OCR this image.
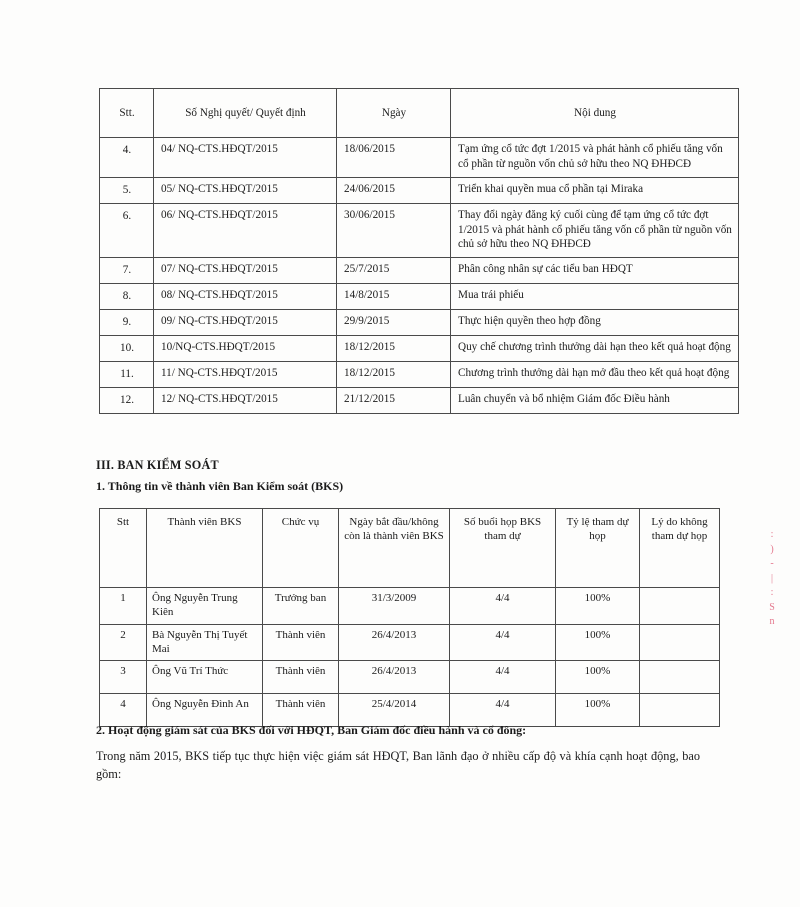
Stt.	Số Nghị quyết/ Quyết định	Ngày	Nội dung
4.	04/ NQ-CTS.HĐQT/2015	18/06/2015	Tạm ứng cổ tức đợt 1/2015 và phát hành cổ phiếu tăng vốn cổ phần từ nguồn vốn chủ sở hữu theo NQ ĐHĐCĐ
5.	05/ NQ-CTS.HĐQT/2015	24/06/2015	Triển khai quyền mua cổ phần tại Miraka
6.	06/ NQ-CTS.HĐQT/2015	30/06/2015	Thay đổi ngày đăng ký cuối cùng để tạm ứng cổ tức đợt 1/2015 và phát hành cổ phiếu tăng vốn cổ phần từ nguồn vốn chủ sở hữu theo NQ ĐHĐCĐ
7.	07/ NQ-CTS.HĐQT/2015	25/7/2015	Phân công nhân sự các tiểu ban HĐQT
8.	08/ NQ-CTS.HĐQT/2015	14/8/2015	Mua trái phiếu
9.	09/ NQ-CTS.HĐQT/2015	29/9/2015	Thực hiện quyền theo hợp đồng
10.	10/NQ-CTS.HĐQT/2015	18/12/2015	Quy chế chương trình thưởng dài hạn theo kết quả hoạt động
11.	11/ NQ-CTS.HĐQT/2015	18/12/2015	Chương trình thưởng dài hạn mở đầu theo kết quả hoạt động
12.	12/ NQ-CTS.HĐQT/2015	21/12/2015	Luân chuyển và bổ nhiệm Giám đốc Điều hành
III. BAN KIỂM SOÁT
1. Thông tin về thành viên Ban Kiểm soát (BKS)
Stt	Thành viên BKS	Chức vụ	Ngày bắt đầu/không còn là thành viên BKS	Số buổi họp BKS tham dự	Tỷ lệ tham dự họp	Lý do không tham dự họp
1	Ông Nguyễn Trung Kiên	Trưởng ban	31/3/2009	4/4	100%	
2	Bà Nguyễn Thị Tuyết Mai	Thành viên	26/4/2013	4/4	100%	
3	Ông Vũ Trí Thức	Thành viên	26/4/2013	4/4	100%	
4	Ông Nguyễn Đình An	Thành viên	25/4/2014	4/4	100%	
2. Hoạt động giám sát của BKS đối với HĐQT, Ban Giám đốc điều hành và cổ đông:
Trong năm 2015, BKS tiếp tục thực hiện việc giám sát HĐQT, Ban lãnh đạo ở nhiều cấp độ và khía cạnh hoạt động, bao gồm:
:
)
-
|
:
S
n
